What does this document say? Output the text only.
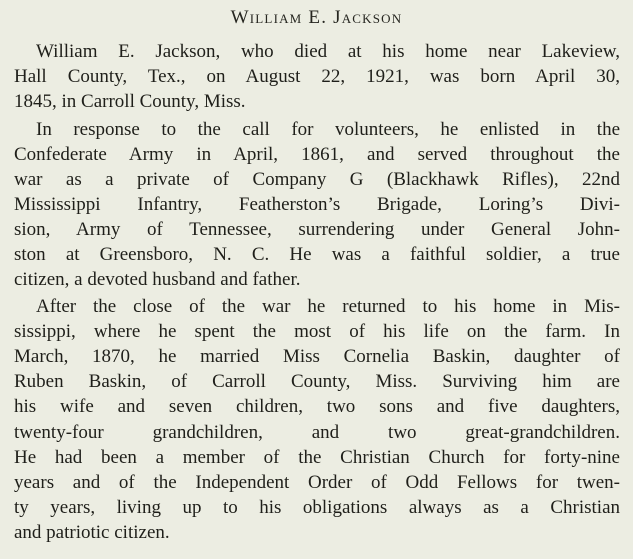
William E. Jackson
William E. Jackson, who died at his home near Lakeview,
Hall County, Tex., on August 22, 1921, was born April 30,
1845, in Carroll County, Miss.
In response to the call for volunteers, he enlisted in the
Confederate Army in April, 1861, and served throughout the
war as a private of Company G (Blackhawk Rifles), 22nd
Mississippi Infantry, Featherston’s Brigade, Loring’s Divi-
sion, Army of Tennessee, surrendering under General John-
ston at Greensboro, N. C. He was a faithful soldier, a true
citizen, a devoted husband and father.
After the close of the war he returned to his home in Mis-
sissippi, where he spent the most of his life on the farm. In
March, 1870, he married Miss Cornelia Baskin, daughter of
Ruben Baskin, of Carroll County, Miss. Surviving him are
his wife and seven children, two sons and five daughters,
twenty-four grandchildren, and two great-grandchildren.
He had been a member of the Christian Church for forty-nine
years and of the Independent Order of Odd Fellows for twen-
ty years, living up to his obligations always as a Christian
and patriotic citizen.
